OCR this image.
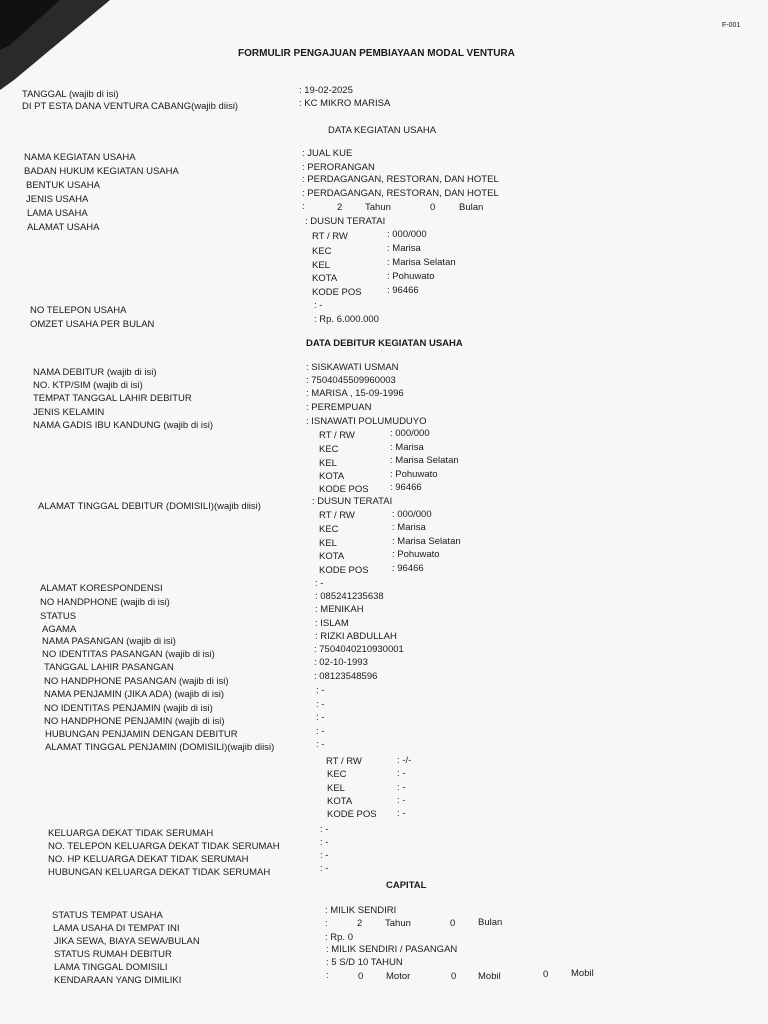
F-001
FORMULIR PENGAJUAN PEMBIAYAAN MODAL VENTURA
TANGGAL (wajib di isi)	: 19-02-2025
DI PT ESTA DANA VENTURA CABANG(wajib diisi)	: KC MIKRO MARISA
DATA KEGIATAN USAHA
NAMA KEGIATAN USAHA	: JUAL KUE
BADAN HUKUM KEGIATAN USAHA	: PERORANGAN
BENTUK USAHA
: PERDAGANGAN, RESTORAN, DAN HOTEL
JENIS USAHA
: PERDAGANGAN, RESTORAN, DAN HOTEL
LAMA USAHA
:	2 Tahun	0 Bulan
ALAMAT USAHA
: DUSUN TERATAI
RT / RW	: 000/000
KEC	: Marisa
KEL	: Marisa Selatan
KOTA	: Pohuwato
KODE POS	: 96466
NO TELEPON USAHA	: -
OMZET USAHA PER BULAN	: Rp. 6.000.000
DATA DEBITUR KEGIATAN USAHA
NAMA DEBITUR (wajib di isi)	: SISKAWATI USMAN
NO. KTP/SIM (wajib di isi)	: 7504045509960003
TEMPAT TANGGAL LAHIR DEBITUR	: MARISA , 15-09-1996
JENIS KELAMIN	: PEREMPUAN
NAMA GADIS IBU KANDUNG (wajib di isi)	: ISNAWATI POLUMUDUYO
RT / RW	: 000/000
KEC	: Marisa
KEL	: Marisa Selatan
KOTA	: Pohuwato
KODE POS : 96466
ALAMAT TINGGAL DEBITUR (DOMISILI)(wajib diisi)	: DUSUN TERATAI
RT / RW	: 000/000
KEC	: Marisa
KEL	: Marisa Selatan
KOTA	: Pohuwato
KODE POS : 96466
ALAMAT KORESPONDENSI	: -
NO HANDPHONE (wajib di isi)
: 085241235638
STATUS
: MENIKAH
AGAMA
: ISLAM
NAMA PASANGAN (wajib di isi)	: RIZKI ABDULLAH
NO IDENTITAS PASANGAN (wajib di isi)	: 7504040210930001
TANGGAL LAHIR PASANGAN	: 02-10-1993
NO HANDPHONE PASANGAN (wajib di isi)	: 08123548596
NAMA PENJAMIN (JIKA ADA) (wajib di isi)	: -
NO IDENTITAS PENJAMIN (wajib di isi)	: -
NO HANDPHONE PENJAMIN (wajib di isi)	: -
HUBUNGAN PENJAMIN DENGAN DEBITUR	: -
ALAMAT TINGGAL PENJAMIN (DOMISILI)(wajib diisi)	: -
RT / RW	: -/-
KEC	: -
KEL	: -
KOTA	: -
KODE POS : -
KELUARGA DEKAT TIDAK SERUMAH	: -
NO. TELEPON KELUARGA DEKAT TIDAK SERUMAH	: -
NO. HP KELUARGA DEKAT TIDAK SERUMAH	: -
HUBUNGAN KELUARGA DEKAT TIDAK SERUMAH	: -
CAPITAL
STATUS TEMPAT USAHA	: MILIK SENDIRI
LAMA USAHA DI TEMPAT INI	:	2 Tahun	0 Bulan
JIKA SEWA, BIAYA SEWA/BULAN	: Rp. 0
STATUS RUMAH DEBITUR	: MILIK SENDIRI / PASANGAN
LAMA TINGGAL DOMISILI	: 5 S/D 10 TAHUN
KENDARAAN YANG DIMILIKI	:	0 Motor	0 Mobil	0 Mobil
